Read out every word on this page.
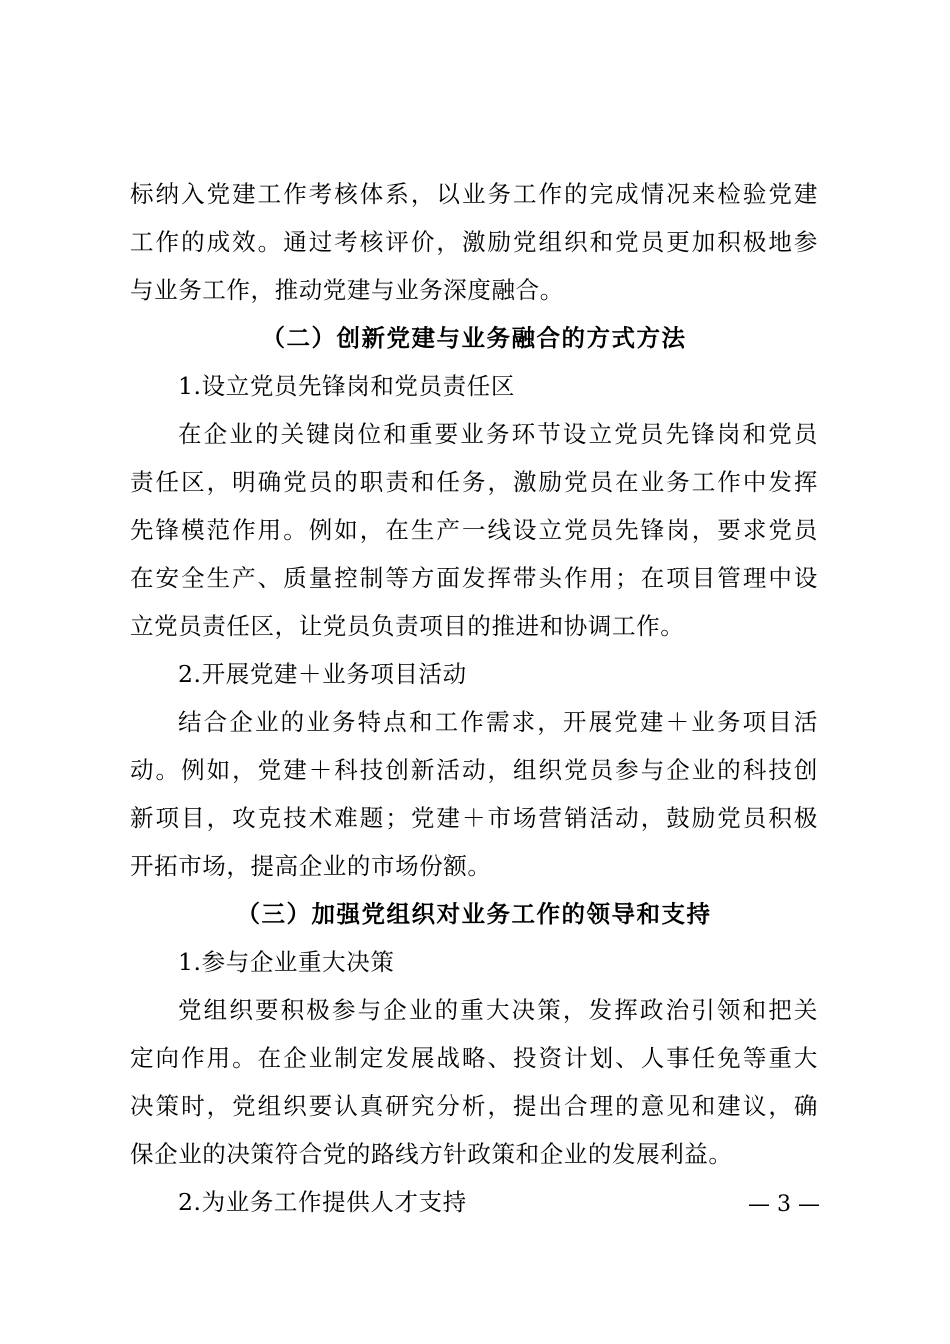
标纳入党建工作考核体系，以业务工作的完成情况来检验党建
工作的成效。通过考核评价，激励党组织和党员更加积极地参
与业务工作，推动党建与业务深度融合。
（二）创新党建与业务融合的方式方法
1.设立党员先锋岗和党员责任区
在企业的关键岗位和重要业务环节设立党员先锋岗和党员
责任区，明确党员的职责和任务，激励党员在业务工作中发挥
先锋模范作用。例如，在生产一线设立党员先锋岗，要求党员
在安全生产、质量控制等方面发挥带头作用；在项目管理中设
立党员责任区，让党员负责项目的推进和协调工作。
2.开展党建＋业务项目活动
结合企业的业务特点和工作需求，开展党建＋业务项目活
动。例如，党建＋科技创新活动，组织党员参与企业的科技创
新项目，攻克技术难题；党建＋市场营销活动，鼓励党员积极
开拓市场，提高企业的市场份额。
（三）加强党组织对业务工作的领导和支持
1.参与企业重大决策
党组织要积极参与企业的重大决策，发挥政治引领和把关
定向作用。在企业制定发展战略、投资计划、人事任免等重大
决策时，党组织要认真研究分析，提出合理的意见和建议，确
保企业的决策符合党的路线方针政策和企业的发展利益。
2.为业务工作提供人才支持	— 3 —
